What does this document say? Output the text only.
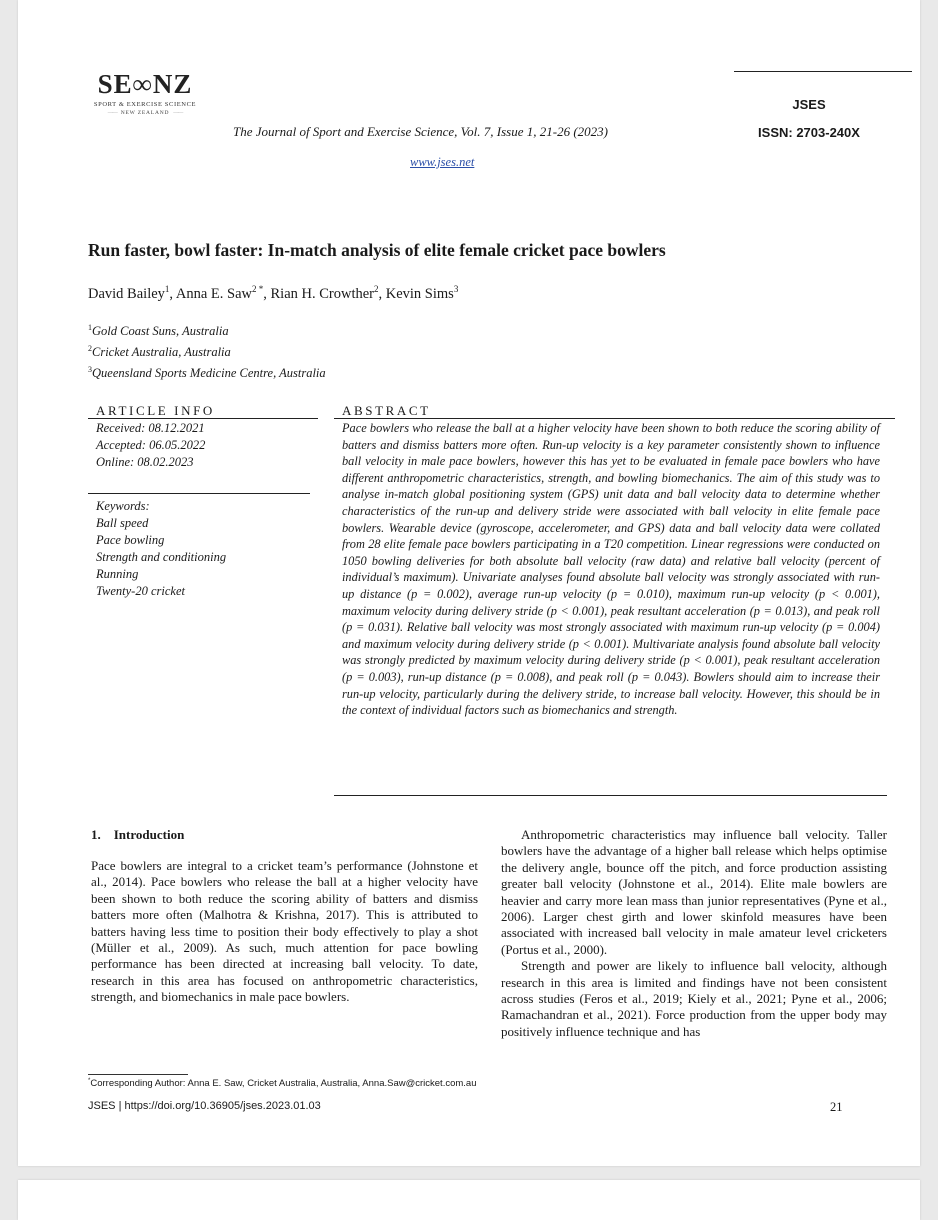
SE∞NZ
SPORT & EXERCISE SCIENCE
—— NEW ZEALAND ——
The Journal of Sport and Exercise Science, Vol. 7, Issue 1, 21-26 (2023)
www.jses.net
JSES
ISSN: 2703-240X
Run faster, bowl faster: In-match analysis of elite female cricket pace bowlers
David Bailey$^1$, Anna E. Saw$^{2 *}$, Rian H. Crowther$^2$, Kevin Sims$^3$
$^1$Gold Coast Suns, Australia
$^2$Cricket Australia, Australia
$^3$Queensland Sports Medicine Centre, Australia
ARTICLE INFO
Received: 08.12.2021
Accepted: 06.05.2022
Online: 08.02.2023
Keywords:
Ball speed
Pace bowling
Strength and conditioning
Running
Twenty-20 cricket
ABSTRACT
Pace bowlers who release the ball at a higher velocity have been shown to both reduce the scoring ability of batters and dismiss batters more often. Run-up velocity is a key parameter consistently shown to influence ball velocity in male pace bowlers, however this has yet to be evaluated in female pace bowlers who have different anthropometric characteristics, strength, and bowling biomechanics. The aim of this study was to analyse in-match global positioning system (GPS) unit data and ball velocity data to determine whether characteristics of the run-up and delivery stride were associated with ball velocity in elite female pace bowlers. Wearable device (gyroscope, accelerometer, and GPS) data and ball velocity data were collated from 28 elite female pace bowlers participating in a T20 competition. Linear regressions were conducted on 1050 bowling deliveries for both absolute ball velocity (raw data) and relative ball velocity (percent of individual’s maximum). Univariate analyses found absolute ball velocity was strongly associated with run-up distance (p = 0.002), average run-up velocity (p = 0.010), maximum run-up velocity (p < 0.001), maximum velocity during delivery stride (p < 0.001), peak resultant acceleration (p = 0.013), and peak roll (p = 0.031). Relative ball velocity was most strongly associated with maximum run-up velocity (p = 0.004) and maximum velocity during delivery stride (p < 0.001). Multivariate analysis found absolute ball velocity was strongly predicted by maximum velocity during delivery stride (p < 0.001), peak resultant acceleration (p = 0.003), run-up distance (p = 0.008), and peak roll (p = 0.043). Bowlers should aim to increase their run-up velocity, particularly during the delivery stride, to increase ball velocity. However, this should be in the context of individual factors such as biomechanics and strength.
1.    Introduction

Pace bowlers are integral to a cricket team’s performance (Johnstone et al., 2014). Pace bowlers who release the ball at a higher velocity have been shown to both reduce the scoring ability of batters and dismiss batters more often (Malhotra & Krishna, 2017). This is attributed to batters having less time to position their body effectively to play a shot (Müller et al., 2009). As such, much attention for pace bowling performance has been directed at increasing ball velocity. To date, research in this area has focused on anthropometric characteristics, strength, and biomechanics in male pace bowlers.

Anthropometric characteristics may influence ball velocity. Taller bowlers have the advantage of a higher ball release which helps optimise the delivery angle, bounce off the pitch, and force production assisting greater ball velocity (Johnstone et al., 2014). Elite male bowlers are heavier and carry more lean mass than junior representatives (Pyne et al., 2006). Larger chest girth and lower skinfold measures have been associated with increased ball velocity in male amateur level cricketers (Portus et al., 2000).

Strength and power are likely to influence ball velocity, although research in this area is limited and findings have not been consistent across studies (Feros et al., 2019; Kiely et al., 2021; Pyne et al., 2006; Ramachandran et al., 2021). Force production from the upper body may positively influence technique and has

*Corresponding Author: Anna E. Saw, Cricket Australia, Australia, Anna.Saw@cricket.com.au
JSES | https://doi.org/10.36905/jses.2023.01.03	21
